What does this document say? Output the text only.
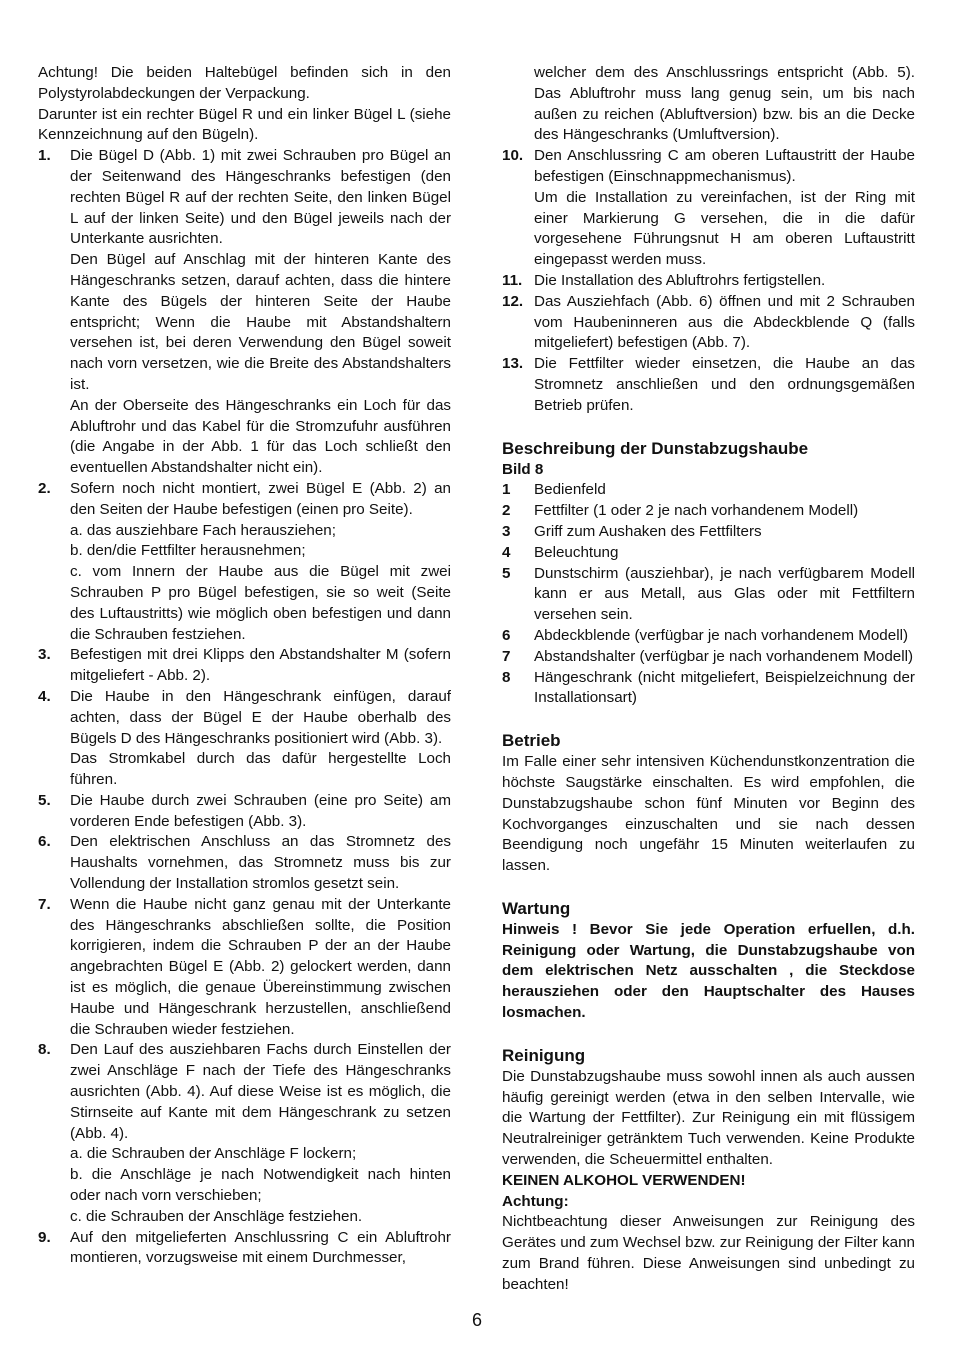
Achtung! Die beiden Haltebügel befinden sich in den Polystyrolabdeckungen der Verpackung.

Darunter ist ein rechter Bügel R und ein linker Bügel L (siehe Kennzeichnung auf den Bügeln).

1. Die Bügel D (Abb. 1) mit zwei Schrauben pro Bügel an der Seitenwand des Hängeschranks befestigen (den rechten Bügel R auf der rechten Seite, den linken Bügel L auf der linken Seite) und den Bügel jeweils nach der Unterkante ausrichten.

Den Bügel auf Anschlag mit der hinteren Kante des Hängeschranks setzen, darauf achten, dass die hintere Kante des Bügels der hinteren Seite der Haube entspricht; Wenn die Haube mit Abstandshaltern versehen ist, bei deren Verwendung den Bügel soweit nach vorn versetzen, wie die Breite des Abstandshalters ist.

An der Oberseite des Hängeschranks ein Loch für das Abluftrohr und das Kabel für die Stromzufuhr ausführen (die Angabe in der Abb. 1 für das Loch schließt den eventuellen Abstandshalter nicht ein).

2. Sofern noch nicht montiert, zwei Bügel E (Abb. 2) an den Seiten der Haube befestigen (einen pro Seite).

a. das ausziehbare Fach herausziehen;

b. den/die Fettfilter herausnehmen;

c. vom Innern der Haube aus die Bügel mit zwei Schrauben P pro Bügel befestigen, sie so weit (Seite des Luftaustritts) wie möglich oben befestigen und dann die Schrauben festziehen.

3. Befestigen mit drei Klipps den Abstandshalter M (sofern mitgeliefert - Abb. 2).

4. Die Haube in den Hängeschrank einfügen, darauf achten, dass der Bügel E der Haube oberhalb des Bügels D des Hängeschranks positioniert wird (Abb. 3).

Das Stromkabel durch das dafür hergestellte Loch führen.

5. Die Haube durch zwei Schrauben (eine pro Seite) am vorderen Ende befestigen (Abb. 3).

6. Den elektrischen Anschluss an das Stromnetz des Haushalts vornehmen, das Stromnetz muss bis zur Vollendung der Installation stromlos gesetzt sein.

7. Wenn die Haube nicht ganz genau mit der Unterkante des Hängeschranks abschließen sollte, die Position korrigieren, indem die Schrauben P der an der Haube angebrachten Bügel E (Abb. 2) gelockert werden, dann ist es möglich, die genaue Übereinstimmung zwischen Haube und Hängeschrank herzustellen, anschließend die Schrauben wieder festziehen.

8. Den Lauf des ausziehbaren Fachs durch Einstellen der zwei Anschläge F nach der Tiefe des Hängeschranks ausrichten (Abb. 4). Auf diese Weise ist es möglich, die Stirnseite auf Kante mit dem Hängeschrank zu setzen (Abb. 4).

a. die Schrauben der Anschläge F lockern;

b. die Anschläge je nach Notwendigkeit nach hinten oder nach vorn verschieben;

c. die Schrauben der Anschläge festziehen.

9. Auf den mitgelieferten Anschlussring C ein Abluftrohr montieren, vorzugsweise mit einem Durchmesser,

welcher dem des Anschlussrings entspricht (Abb. 5). Das Abluftrohr muss lang genug sein, um bis nach außen zu reichen (Abluftversion) bzw. bis an die Decke des Hängeschranks (Umluftversion).

10. Den Anschlussring C am oberen Luftaustritt der Haube befestigen (Einschnappmechanismus).

Um die Installation zu vereinfachen, ist der Ring mit einer Markierung G versehen, die in die dafür vorgesehene Führungsnut H am oberen Luftaustritt eingepasst werden muss.

11. Die Installation des Abluftrohrs fertigstellen.

12. Das Ausziehfach (Abb. 6) öffnen und mit 2 Schrauben vom Haubeninneren aus die Abdeckblende Q (falls mitgeliefert) befestigen (Abb. 7).

13. Die Fettfilter wieder einsetzen, die Haube an das Stromnetz anschließen und den ordnungsgemäßen Betrieb prüfen.

Beschreibung der Dunstabzugshaube

Bild 8

1 Bedienfeld
2 Fettfilter (1 oder 2 je nach vorhandenem Modell)
3 Griff zum Aushaken des Fettfilters
4 Beleuchtung
5 Dunstschirm (ausziehbar), je nach verfügbarem Modell kann er aus Metall, aus Glas oder mit Fettfiltern versehen sein.
6 Abdeckblende (verfügbar je nach vorhandenem Modell)
7 Abstandshalter (verfügbar je nach vorhandenem Modell)
8 Hängeschrank (nicht mitgeliefert, Beispielzeichnung der Installationsart)
Betrieb

Im Falle einer sehr intensiven Küchendunstkonzentration die höchste Saugstärke einschalten. Es wird empfohlen, die Dunstabzugshaube schon fünf Minuten vor Beginn des Kochvorganges einzuschalten und sie nach dessen Beendigung noch ungefähr 15 Minuten weiterlaufen zu lassen.

Wartung

Hinweis ! Bevor Sie jede Operation erfuellen, d.h. Reinigung oder Wartung, die Dunstabzugshaube von dem elektrischen Netz ausschalten , die Steckdose herausziehen oder den Hauptschalter des Hauses losmachen.

Reinigung

Die Dunstabzugshaube muss sowohl innen als auch aussen häufig gereinigt werden (etwa in den selben Intervalle, wie die Wartung der Fettfilter). Zur Reinigung ein mit flüssigem Neutralreiniger getränktem Tuch verwenden. Keine Produkte verwenden, die Scheuermittel enthalten.

KEINEN ALKOHOL VERWENDEN!

Achtung:

Nichtbeachtung dieser Anweisungen zur Reinigung des Gerätes und zum Wechsel bzw. zur Reinigung der Filter kann zum Brand führen. Diese Anweisungen sind unbedingt zu beachten!

6
